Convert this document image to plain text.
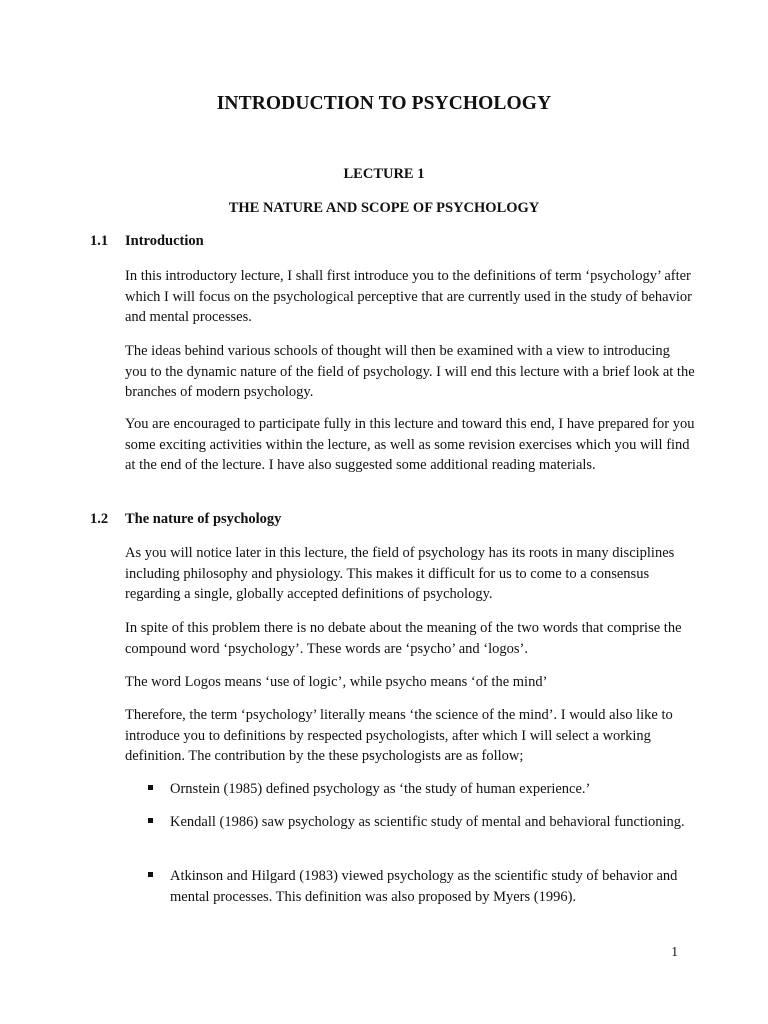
INTRODUCTION TO PSYCHOLOGY
LECTURE 1
THE NATURE AND SCOPE OF PSYCHOLOGY
1.1 Introduction

In this introductory lecture, I shall first introduce you to the definitions of term ‘psychology’ after which I will focus on the psychological perceptive that are currently used in the study of behavior and mental processes.

The ideas behind various schools of thought will then be examined with a view to introducing you to the dynamic nature of the field of psychology. I will end this lecture with a brief look at the branches of modern psychology.

You are encouraged to participate fully in this lecture and toward this end, I have prepared for you some exciting activities within the lecture, as well as some revision exercises which you will find at the end of the lecture. I have also suggested some additional reading materials.

1.2 The nature of psychology

As you will notice later in this lecture, the field of psychology has its roots in many disciplines including philosophy and physiology. This makes it difficult for us to come to a consensus regarding a single, globally accepted definitions of psychology.

In spite of this problem there is no debate about the meaning of the two words that comprise the compound word ‘psychology’. These words are ‘psycho’ and ‘logos’.

The word Logos means ‘use of logic’, while psycho means ‘of the mind’

Therefore, the term ‘psychology’ literally means ‘the science of the mind’. I would also like to introduce you to definitions by respected psychologists, after which I will select a working definition. The contribution by the these psychologists are as follow;

Ornstein (1985) defined psychology as ‘the study of human experience.’
Kendall (1986) saw psychology as scientific study of mental and behavioral functioning.
Atkinson and Hilgard (1983) viewed psychology as the scientific study of behavior and mental processes. This definition was also proposed by Myers (1996).
1
